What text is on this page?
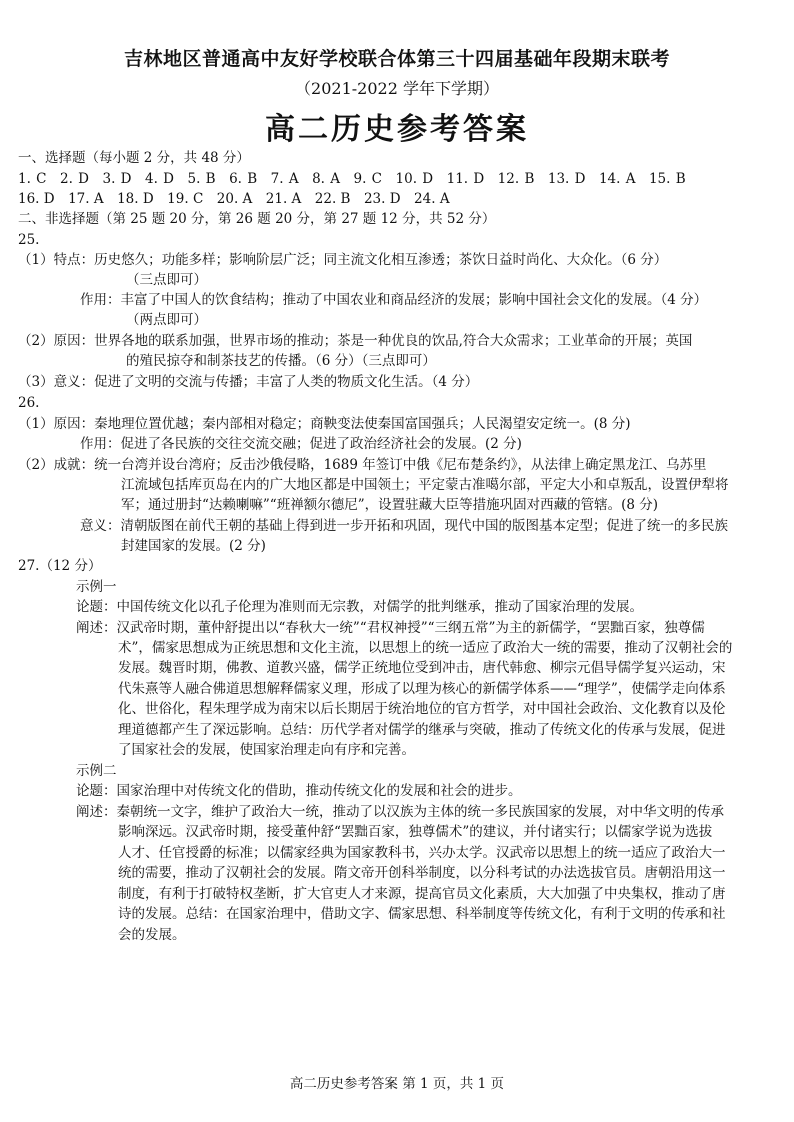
吉林地区普通高中友好学校联合体第三十四届基础年段期末联考
（2021-2022 学年下学期）
高二历史参考答案
一、选择题（每小题 2 分，共 48 分）
1. C　2. D　3. D　4. D　5. B　6. B　7. A　8. A　9. C　10. D　11. D　12. B　13. D　14. A　15. B
16. D　17. A　18. D　19. C　20. A　21. A　22. B　23. D　24. A
二、非选择题（第 25 题 20 分，第 26 题 20 分，第 27 题 12 分，共 52 分）
25.
（1）特点：历史悠久；功能多样；影响阶层广泛；同主流文化相互渗透；茶饮日益时尚化、大众化。（6 分）
（三点即可）
作用：丰富了中国人的饮食结构；推动了中国农业和商品经济的发展；影响中国社会文化的发展。（4 分）
（两点即可）
（2）原因：世界各地的联系加强，世界市场的推动；茶是一种优良的饮品,符合大众需求；工业革命的开展；英国
的殖民掠夺和制茶技艺的传播。（6 分）（三点即可）
（3）意义：促进了文明的交流与传播；丰富了人类的物质文化生活。（4 分）
26.
（1）原因：秦地理位置优越；秦内部相对稳定；商鞅变法使秦国富国强兵；人民渴望安定统一。(8 分)
作用：促进了各民族的交往交流交融；促进了政治经济社会的发展。(2 分)
（2）成就：统一台湾并设台湾府；反击沙俄侵略，1689 年签订中俄《尼布楚条约》，从法律上确定黑龙江、乌苏里
江流域包括库页岛在内的广大地区都是中国领土；平定蒙古准噶尔部，平定大小和卓叛乱，设置伊犁将
军；通过册封“达赖喇嘛”“班禅额尔德尼”，设置驻藏大臣等措施巩固对西藏的管辖。(8 分)
意义：清朝版图在前代王朝的基础上得到进一步开拓和巩固，现代中国的版图基本定型；促进了统一的多民族
封建国家的发展。(2 分)
27.（12 分）
示例一
论题：中国传统文化以孔子伦理为准则而无宗教，对儒学的批判继承，推动了国家治理的发展。
阐述：汉武帝时期，董仲舒提出以“春秋大一统”“君权神授”“三纲五常”为主的新儒学，“罢黜百家，独尊儒
术”，儒家思想成为正统思想和文化主流，以思想上的统一适应了政治大一统的需要，推动了汉朝社会的
发展。魏晋时期，佛教、道教兴盛，儒学正统地位受到冲击，唐代韩愈、柳宗元倡导儒学复兴运动，宋
代朱熹等人融合佛道思想解释儒家义理，形成了以理为核心的新儒学体系——“理学”，使儒学走向体系
化、世俗化，程朱理学成为南宋以后长期居于统治地位的官方哲学，对中国社会政治、文化教育以及伦
理道德都产生了深远影响。总结：历代学者对儒学的继承与突破，推动了传统文化的传承与发展，促进
了国家社会的发展，使国家治理走向有序和完善。
示例二
论题：国家治理中对传统文化的借助，推动传统文化的发展和社会的进步。
阐述：秦朝统一文字，维护了政治大一统，推动了以汉族为主体的统一多民族国家的发展，对中华文明的传承
影响深远。汉武帝时期，接受董仲舒“罢黜百家，独尊儒术”的建议，并付诸实行；以儒家学说为选拔
人才、任官授爵的标准；以儒家经典为国家教科书，兴办太学。汉武帝以思想上的统一适应了政治大一
统的需要，推动了汉朝社会的发展。隋文帝开创科举制度，以分科考试的办法选拔官员。唐朝沿用这一
制度，有利于打破特权垄断，扩大官吏人才来源，提高官员文化素质，大大加强了中央集权，推动了唐
诗的发展。总结：在国家治理中，借助文字、儒家思想、科举制度等传统文化，有利于文明的传承和社
会的发展。
高二历史参考答案 第 1 页，共 1 页
